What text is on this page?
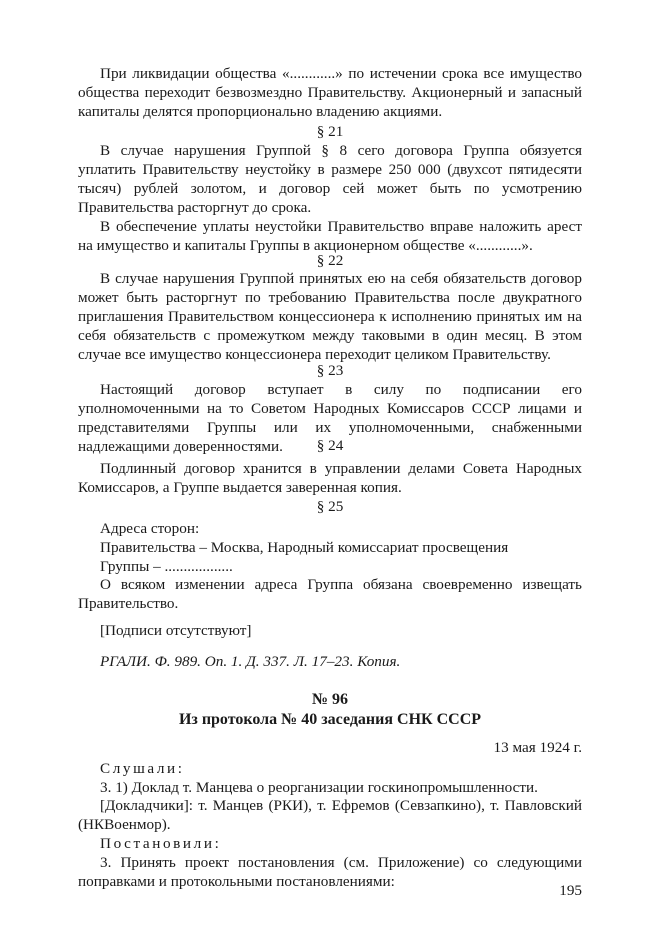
При ликвидации общества «............» по истечении срока все имущество общества переходит безвозмездно Правительству. Акционерный и запасный капиталы делятся пропорционально владению акциями.

§ 21

В случае нарушения Группой § 8 сего договора Группа обязуется уплатить Правительству неустойку в размере 250 000 (двухсот пятидесяти тысяч) рублей золотом, и договор сей может быть по усмотрению Правительства расторгнут до срока.

В обеспечение уплаты неустойки Правительство вправе наложить арест на имущество и капиталы Группы в акционерном обществе «............».

§ 22

В случае нарушения Группой принятых ею на себя обязательств договор может быть расторгнут по требованию Правительства после двукратного приглашения Правительством концессионера к исполнению принятых им на себя обязательств с промежутком между таковыми в один месяц. В этом случае все имущество концессионера переходит целиком Правительству.

§ 23

Настоящий договор вступает в силу по подписании его уполномоченными на то Советом Народных Комиссаров СССР лицами и представителями Группы или их уполномоченными, снабженными надлежащими доверенностями.	§ 24

Подлинный договор хранится в управлении делами Совета Народных Комиссаров, а Группе выдается заверенная копия.

§ 25

Адреса сторон:

Правительства – Москва, Народный комиссариат просвещения

Группы – ..................

О всяком изменении адреса Группа обязана своевременно извещать Правительство.

[Подписи отсутствуют]

РГАЛИ. Ф. 989. Оп. 1. Д. 337. Л. 17–23. Копия.

№ 96

Из протокола № 40 заседания СНК СССР

13 мая 1924 г.

Слушали:

3. 1) Доклад т. Манцева о реорганизации госкинопромышленности.

[Докладчики]: т. Манцев (РКИ), т. Ефремов (Севзапкино), т. Павловский (НКВоенмор).

Постановили:

3. Принять проект постановления (см. Приложение) со следующими поправками и протокольными постановлениями:

195
